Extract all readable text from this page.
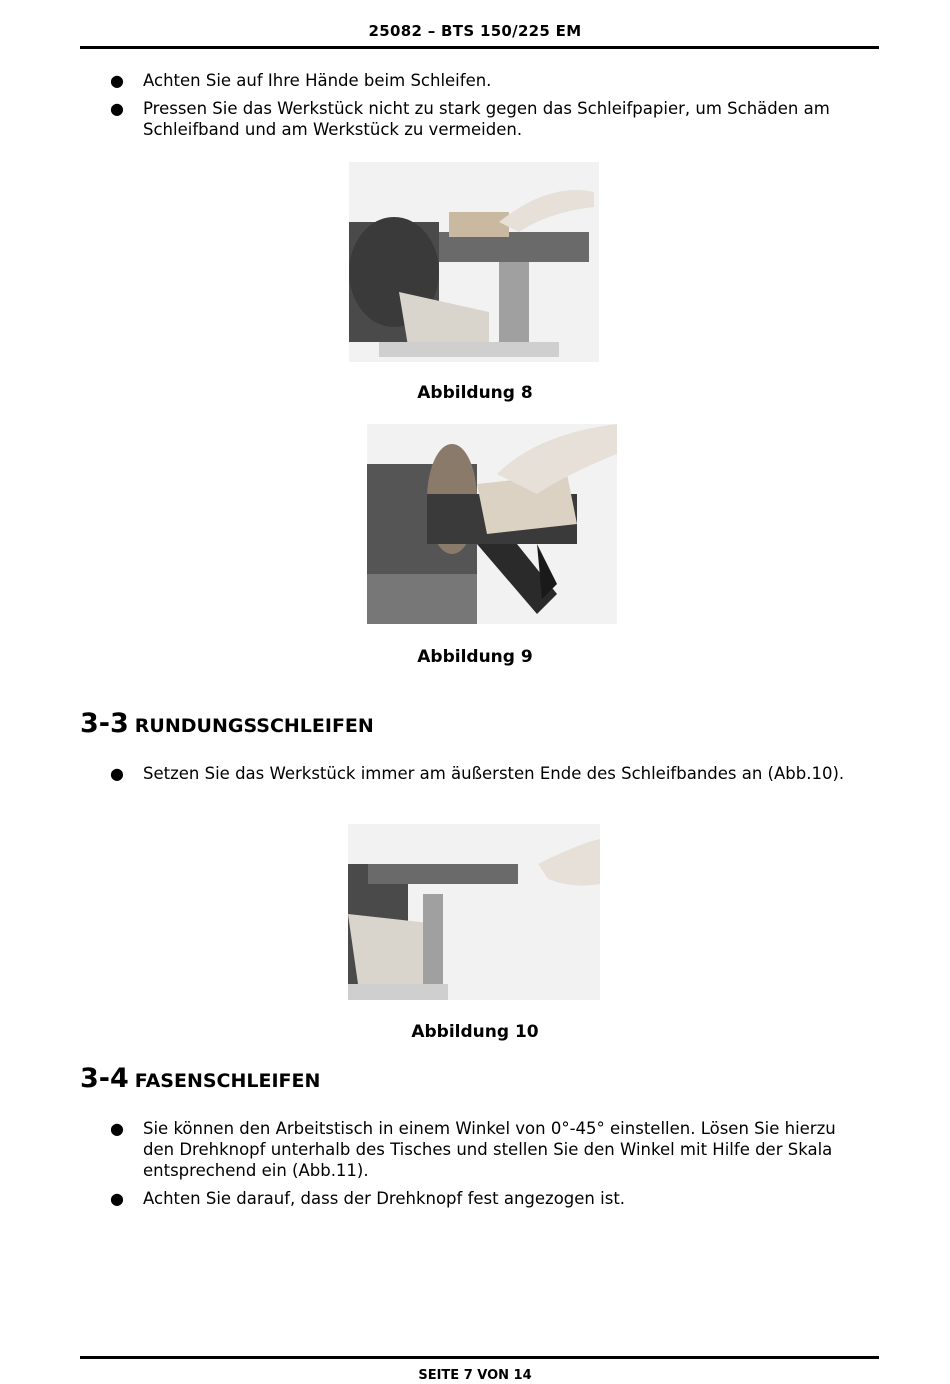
25082 – BTS 150/225 EM
● Achten Sie auf Ihre Hände beim Schleifen.
● Pressen Sie das Werkstück nicht zu stark gegen das Schleifpapier, um Schäden am Schleifband und am Werkstück zu vermeiden.
Abbildung 8
Abbildung 9
3-3 RUNDUNGSSCHLEIFEN
● Setzen Sie das Werkstück immer am äußersten Ende des Schleifbandes an (Abb.10).
Abbildung 10
3-4 FASENSCHLEIFEN
● Sie können den Arbeitstisch in einem Winkel von 0°-45° einstellen. Lösen Sie hierzu den Drehknopf unterhalb des Tisches und stellen Sie den Winkel mit Hilfe der Skala entsprechend ein (Abb.11).
● Achten Sie darauf, dass der Drehknopf fest angezogen ist.
SEITE 7 VON 14
